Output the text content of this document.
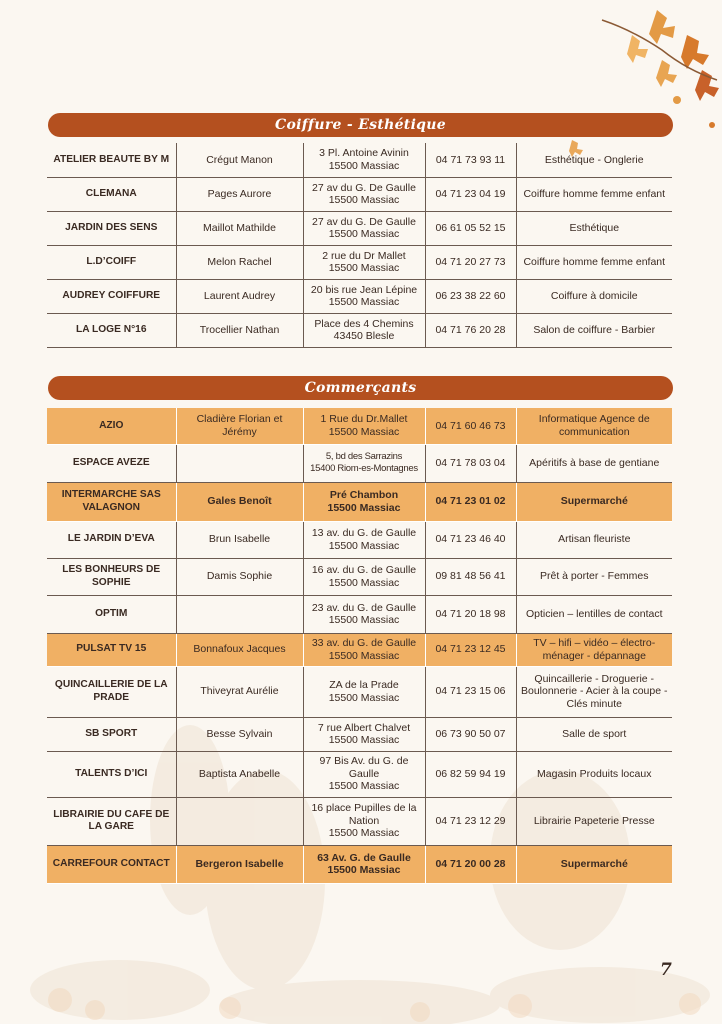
Coiffure - Esthétique
ATELIER BEAUTE BY M	Crégut Manon	3 Pl. Antoine Avinin
15500 Massiac	04 71 73 93 11	Esthétique - Onglerie
CLEMANA	Pages Aurore	27 av du G. De Gaulle
15500 Massiac	04 71 23 04 19	Coiffure homme femme enfant
JARDIN DES SENS	Maillot Mathilde	27 av du G. De Gaulle
15500 Massiac	06 61 05 52 15	Esthétique
L.D’COIFF	Melon Rachel	2 rue du Dr Mallet
15500 Massiac	04 71 20 27 73	Coiffure homme femme enfant
AUDREY COIFFURE	Laurent Audrey	20 bis rue Jean Lépine
15500 Massiac	06 23 38 22 60	Coiffure à domicile
LA LOGE N°16	Trocellier Nathan	Place des 4 Chemins
43450 Blesle	04 71 76 20 28	Salon de coiffure - Barbier
Commerçants
AZIO	Cladière Florian et Jérémy	1 Rue du Dr.Mallet
15500 Massiac	04 71 60 46 73	Informatique Agence de communication
ESPACE AVEZE		5, bd des Sarrazins
15400 Riom-es-Montagnes	04 71 78 03 04	Apéritifs à base de gentiane
INTERMARCHE SAS VALAGNON	Gales Benoît	Pré Chambon
15500 Massiac	04 71 23 01 02	Supermarché
LE JARDIN D’EVA	Brun Isabelle	13 av. du G. de Gaulle
15500 Massiac	04 71 23 46 40	Artisan fleuriste
LES BONHEURS DE SOPHIE	Damis Sophie	16 av. du G. de Gaulle
15500 Massiac	09 81 48 56 41	Prêt à porter - Femmes
OPTIM		23 av. du G. de Gaulle
15500 Massiac	04 71 20 18 98	Opticien – lentilles de contact
PULSAT TV 15	Bonnafoux Jacques	33 av. du G. de Gaulle
15500 Massiac	04 71 23 12 45	TV – hifi – vidéo – électro-ménager - dépannage
QUINCAILLERIE DE LA PRADE	Thiveyrat Aurélie	ZA de la Prade
15500 Massiac	04 71 23 15 06	Quincaillerie - Droguerie - Boulonnerie - Acier à la coupe - Clés minute
SB SPORT	Besse Sylvain	7 rue Albert Chalvet
15500 Massiac	06 73 90 50 07	Salle de sport
TALENTS D’ICI	Baptista Anabelle	97 Bis Av. du G. de Gaulle
15500 Massiac	06 82 59 94 19	Magasin Produits locaux
LIBRAIRIE DU CAFE DE LA GARE		16 place Pupilles de la Nation
15500 Massiac	04 71 23 12 29	Librairie Papeterie Presse
CARREFOUR CONTACT	Bergeron Isabelle	63 Av. G. de Gaulle
15500 Massiac	04 71 20 00 28	Supermarché
7
